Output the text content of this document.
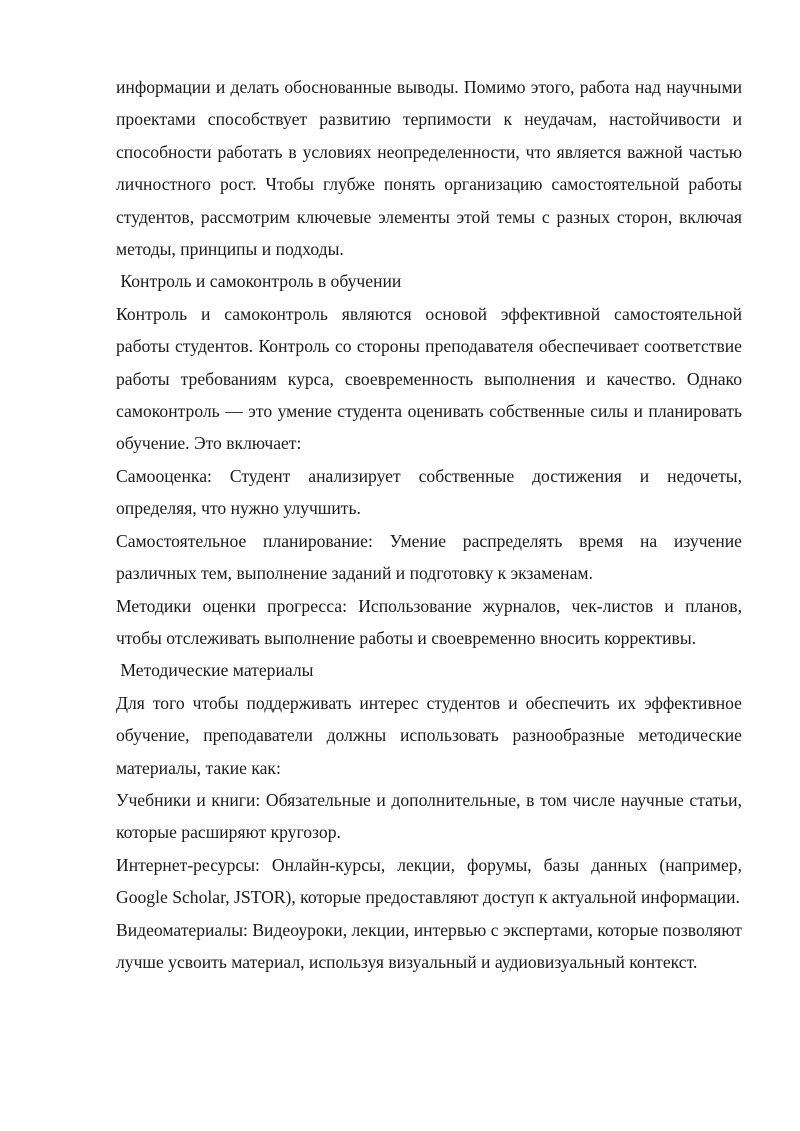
информации и делать обоснованные выводы. Помимо этого, работа над научными проектами способствует развитию терпимости к неудачам, настойчивости и способности работать в условиях неопределенности, что является важной частью личностного рост. Чтобы глубже понять организацию самостоятельной работы студентов, рассмотрим ключевые элементы этой темы с разных сторон, включая методы, принципы и подходы.

Контроль и самоконтроль в обучении

Контроль и самоконтроль являются основой эффективной самостоятельной работы студентов. Контроль со стороны преподавателя обеспечивает соответствие работы требованиям курса, своевременность выполнения и качество. Однако самоконтроль — это умение студента оценивать собственные силы и планировать обучение. Это включает:

Самооценка: Студент анализирует собственные достижения и недочеты, определяя, что нужно улучшить.

Самостоятельное планирование: Умение распределять время на изучение различных тем, выполнение заданий и подготовку к экзаменам.

Методики оценки прогресса: Использование журналов, чек-листов и планов, чтобы отслеживать выполнение работы и своевременно вносить коррективы.

Методические материалы

Для того чтобы поддерживать интерес студентов и обеспечить их эффективное обучение, преподаватели должны использовать разнообразные методические материалы, такие как:

Учебники и книги: Обязательные и дополнительные, в том числе научные статьи, которые расширяют кругозор.

Интернет-ресурсы: Онлайн-курсы, лекции, форумы, базы данных (например, Google Scholar, JSTOR), которые предоставляют доступ к актуальной информации.

Видеоматериалы: Видеоуроки, лекции, интервью с экспертами, которые позволяют лучше усвоить материал, используя визуальный и аудиовизуальный контекст.
